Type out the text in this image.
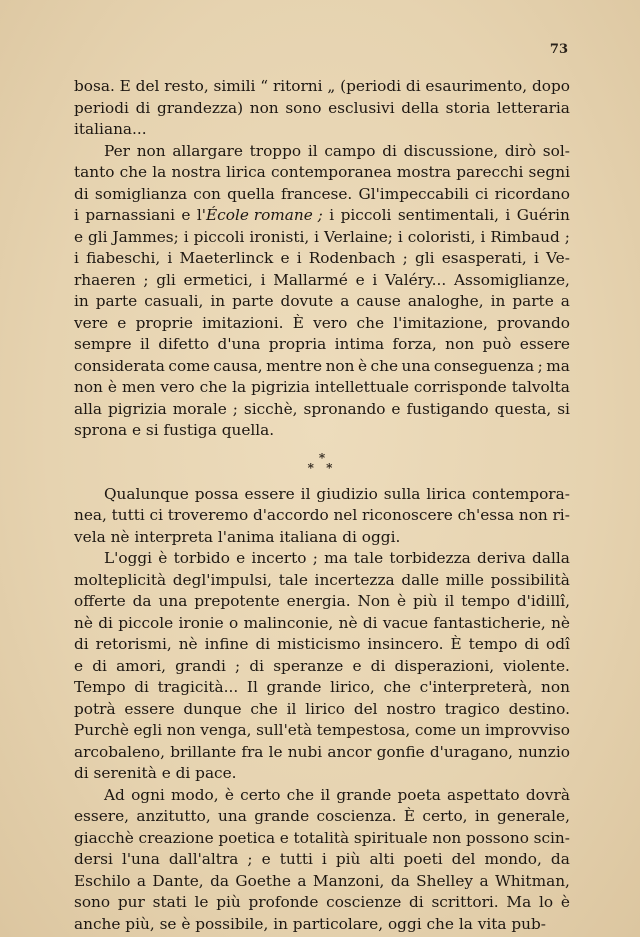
73
bosa. E del resto, simili “ ritorni „ (periodi di esaurimento, dopo
periodi di grandezza) non sono esclusivi della storia letteraria
italiana...
Per non allargare troppo il campo di discussione, dirò sol-
tanto che la nostra lirica contemporanea mostra parecchi segni
di somiglianza con quella francese. Gl'impeccabili ci ricordano
i parnassiani e l'École romane ; i piccoli sentimentali, i Guérin
e gli Jammes; i piccoli ironisti, i Verlaine; i coloristi, i Rimbaud ;
i fiabeschi, i Maeterlinck e i Rodenbach ; gli esasperati, i Ve-
rhaeren ; gli ermetici, i Mallarmé e i Valéry... Assomiglianze,
in parte casuali, in parte dovute a cause analoghe, in parte a
vere e proprie imitazioni. È vero che l'imitazione, provando
sempre il difetto d'una propria intima forza, non può essere
considerata come causa, mentre non è che una conseguenza ; ma
non è men vero che la pigrizia intellettuale corrisponde talvolta
alla pigrizia morale ; sicchè, spronando e fustigando questa, si
sprona e si fustiga quella.
*
* *
Qualunque possa essere il giudizio sulla lirica contempora-
nea, tutti ci troveremo d'accordo nel riconoscere ch'essa non ri-
vela nè interpreta l'anima italiana di oggi.
L'oggi è torbido e incerto ; ma tale torbidezza deriva dalla
molteplicità degl'impulsi, tale incertezza dalle mille possibilità
offerte da una prepotente energia. Non è più il tempo d'idillî,
nè di piccole ironie o malinconie, nè di vacue fantasticherie, nè
di retorismi, nè infine di misticismo insincero. È tempo di odî
e di amori, grandi ; di speranze e di disperazioni, violente.
Tempo di tragicità... Il grande lirico, che c'interpreterà, non
potrà essere dunque che il lirico del nostro tragico destino.
Purchè egli non venga, sull'età tempestosa, come un improvviso
arcobaleno, brillante fra le nubi ancor gonfie d'uragano, nunzio
di serenità e di pace.
Ad ogni modo, è certo che il grande poeta aspettato dovrà
essere, anzitutto, una grande coscienza. È certo, in generale,
giacchè creazione poetica e totalità spirituale non possono scin-
dersi l'una dall'altra ; e tutti i più alti poeti del mondo, da
Eschilo a Dante, da Goethe a Manzoni, da Shelley a Whitman,
sono pur stati le più profonde coscienze di scrittori. Ma lo è
anche più, se è possibile, in particolare, oggi che la vita pub-
